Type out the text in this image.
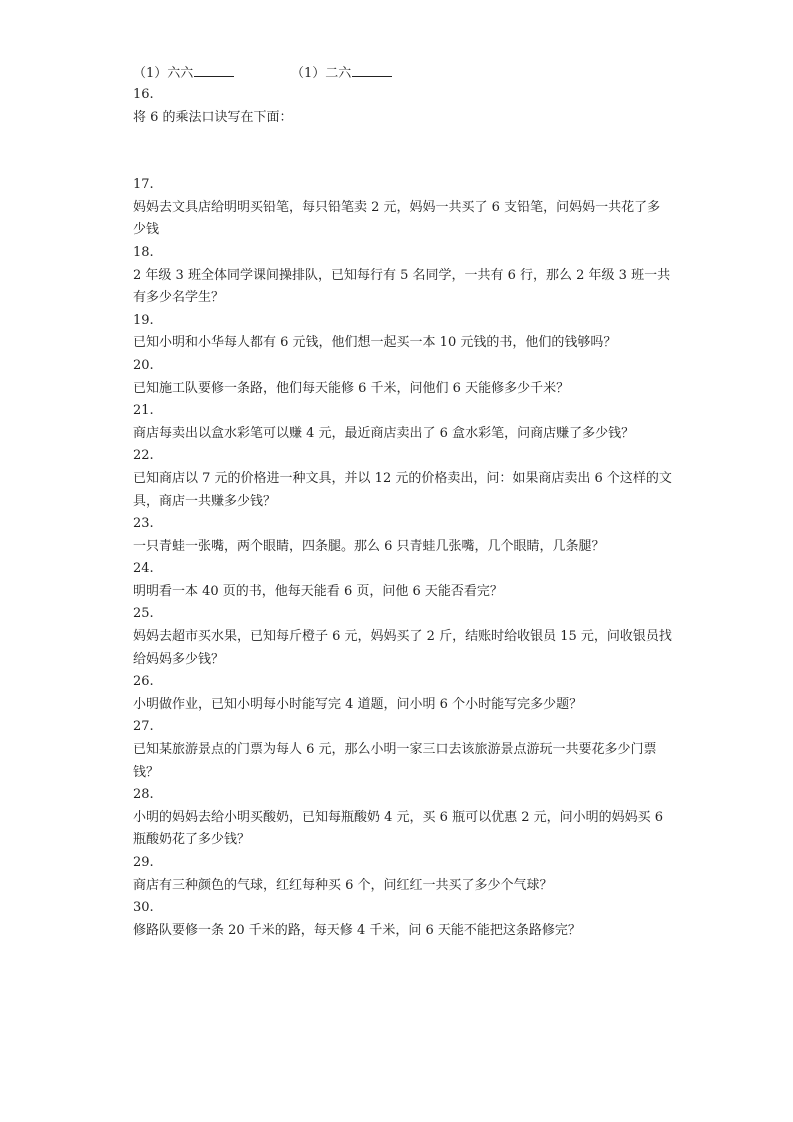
（1）六六	（1）二六
16.
将 6 的乘法口诀写在下面：
17.
妈妈去文具店给明明买铅笔，每只铅笔卖 2 元，妈妈一共买了 6 支铅笔，问妈妈一共花了多少钱
18.
2 年级 3 班全体同学课间操排队，已知每行有 5 名同学，一共有 6 行，那么 2 年级 3 班一共有多少名学生？
19.
已知小明和小华每人都有 6 元钱，他们想一起买一本 10 元钱的书，他们的钱够吗？
20.
已知施工队要修一条路，他们每天能修 6 千米，问他们 6 天能修多少千米？
21.
商店每卖出以盒水彩笔可以赚 4 元，最近商店卖出了 6 盒水彩笔，问商店赚了多少钱？
22.
已知商店以 7 元的价格进一种文具，并以 12 元的价格卖出，问：如果商店卖出 6 个这样的文具，商店一共赚多少钱？
23.
一只青蛙一张嘴，两个眼睛，四条腿。那么 6 只青蛙几张嘴，几个眼睛，几条腿？
24.
明明看一本 40 页的书，他每天能看 6 页，问他 6 天能否看完？
25.
妈妈去超市买水果，已知每斤橙子 6 元，妈妈买了 2 斤，结账时给收银员 15 元，问收银员找给妈妈多少钱？
26.
小明做作业，已知小明每小时能写完 4 道题，问小明 6 个小时能写完多少题？
27.
已知某旅游景点的门票为每人 6 元，那么小明一家三口去该旅游景点游玩一共要花多少门票钱？
28.
小明的妈妈去给小明买酸奶，已知每瓶酸奶 4 元，买 6 瓶可以优惠 2 元，问小明的妈妈买 6 瓶酸奶花了多少钱？
29.
商店有三种颜色的气球，红红每种买 6 个，问红红一共买了多少个气球？
30.
修路队要修一条 20 千米的路，每天修 4 千米，问 6 天能不能把这条路修完？
